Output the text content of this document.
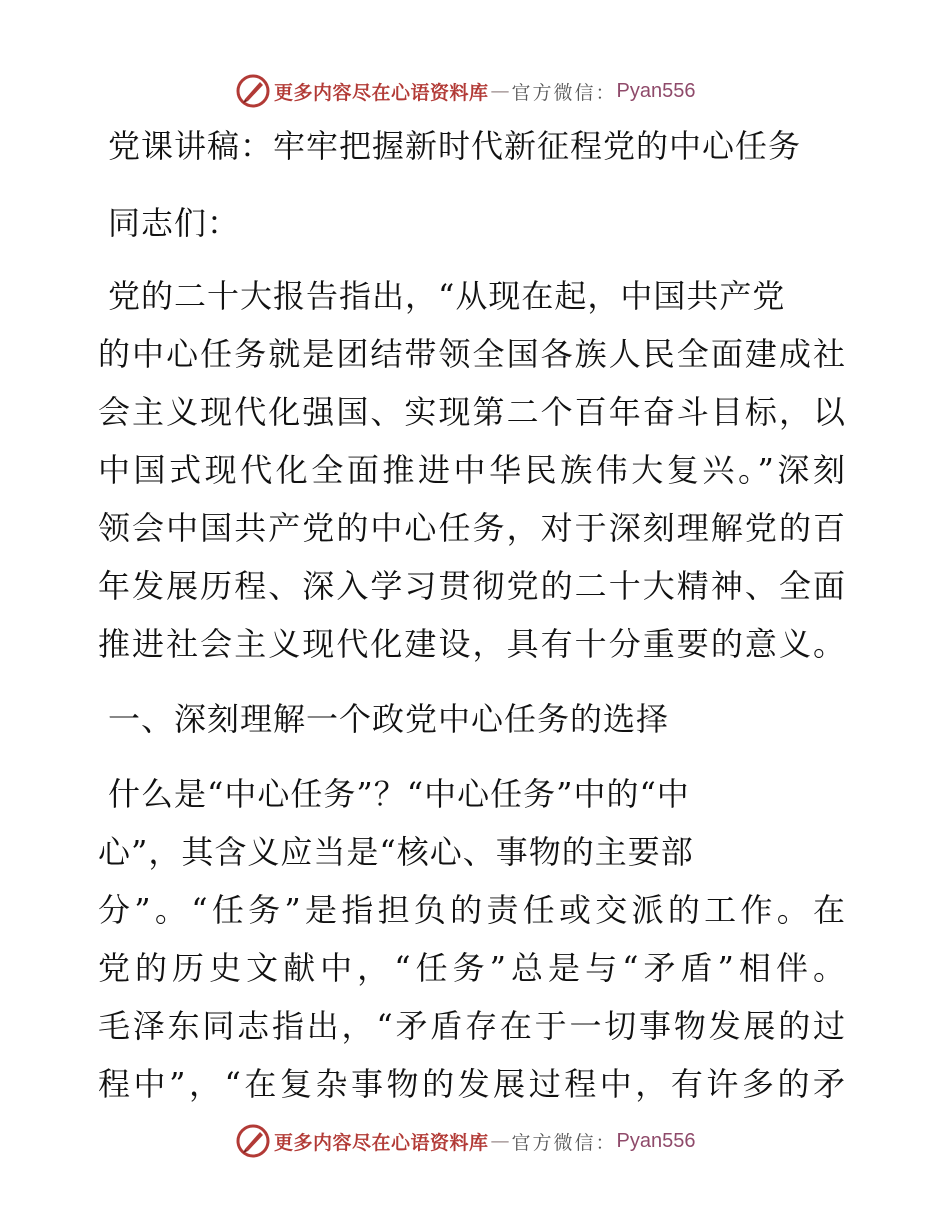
更多内容尽在心语资料库 — 官方微信： Pyan556
党课讲稿：牢牢把握新时代新征程党的中心任务
同志们：
党的二十大报告指出，“从现在起，中国共产党
的中心任务就是团结带领全国各族人民全面建成社
会主义现代化强国、实现第二个百年奋斗目标，以
中国式现代化全面推进中华民族伟大复兴。”深刻
领会中国共产党的中心任务，对于深刻理解党的百
年发展历程、深入学习贯彻党的二十大精神、全面
推进社会主义现代化建设，具有十分重要的意义。
一、深刻理解一个政党中心任务的选择
什么是“中心任务”？“中心任务”中的“中
心”，其含义应当是“核心、事物的主要部
分”。“任务”是指担负的责任或交派的工作。在
党的历史文献中，“任务”总是与“矛盾”相伴。
毛泽东同志指出，“矛盾存在于一切事物发展的过
程中”，“在复杂事物的发展过程中，有许多的矛
更多内容尽在心语资料库 — 官方微信： Pyan556
